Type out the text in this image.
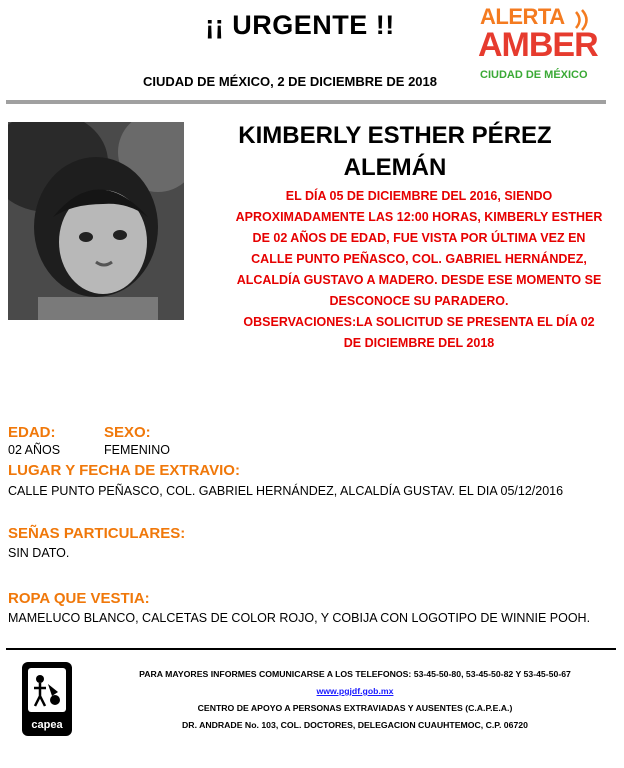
¡¡ URGENTE !!
CIUDAD DE MÉXICO, 2 DE DICIEMBRE DE 2018
ALERTA
AMBER
CIUDAD DE MÉXICO
KIMBERLY ESTHER PÉREZ
ALEMÁN
EL DÍA 05 DE DICIEMBRE DEL 2016, SIENDO
APROXIMADAMENTE LAS 12:00 HORAS, KIMBERLY ESTHER
DE 02 AÑOS DE EDAD, FUE VISTA POR ÚLTIMA VEZ EN
CALLE PUNTO PEÑASCO, COL. GABRIEL HERNÁNDEZ,
ALCALDÍA GUSTAVO A MADERO. DESDE ESE MOMENTO SE
DESCONOCE SU PARADERO.
OBSERVACIONES:LA SOLICITUD SE PRESENTA EL DÍA 02
DE DICIEMBRE DEL 2018
EDAD:	SEXO:
02 AÑOS	FEMENINO
LUGAR Y FECHA DE EXTRAVIO:
CALLE PUNTO PEÑASCO, COL. GABRIEL HERNÁNDEZ, ALCALDÍA GUSTAV. EL DIA 05/12/2016
SEÑAS PARTICULARES:
SIN DATO.
ROPA QUE VESTIA:
MAMELUCO BLANCO, CALCETAS DE COLOR ROJO, Y COBIJA CON LOGOTIPO DE WINNIE POOH.
capea
PARA MAYORES INFORMES COMUNICARSE A LOS TELEFONOS: 53-45-50-80, 53-45-50-82 Y 53-45-50-67
www.pgjdf.gob.mx
CENTRO DE APOYO A PERSONAS EXTRAVIADAS Y AUSENTES (C.A.P.E.A.)
DR. ANDRADE No. 103, COL. DOCTORES, DELEGACION CUAUHTEMOC, C.P. 06720
